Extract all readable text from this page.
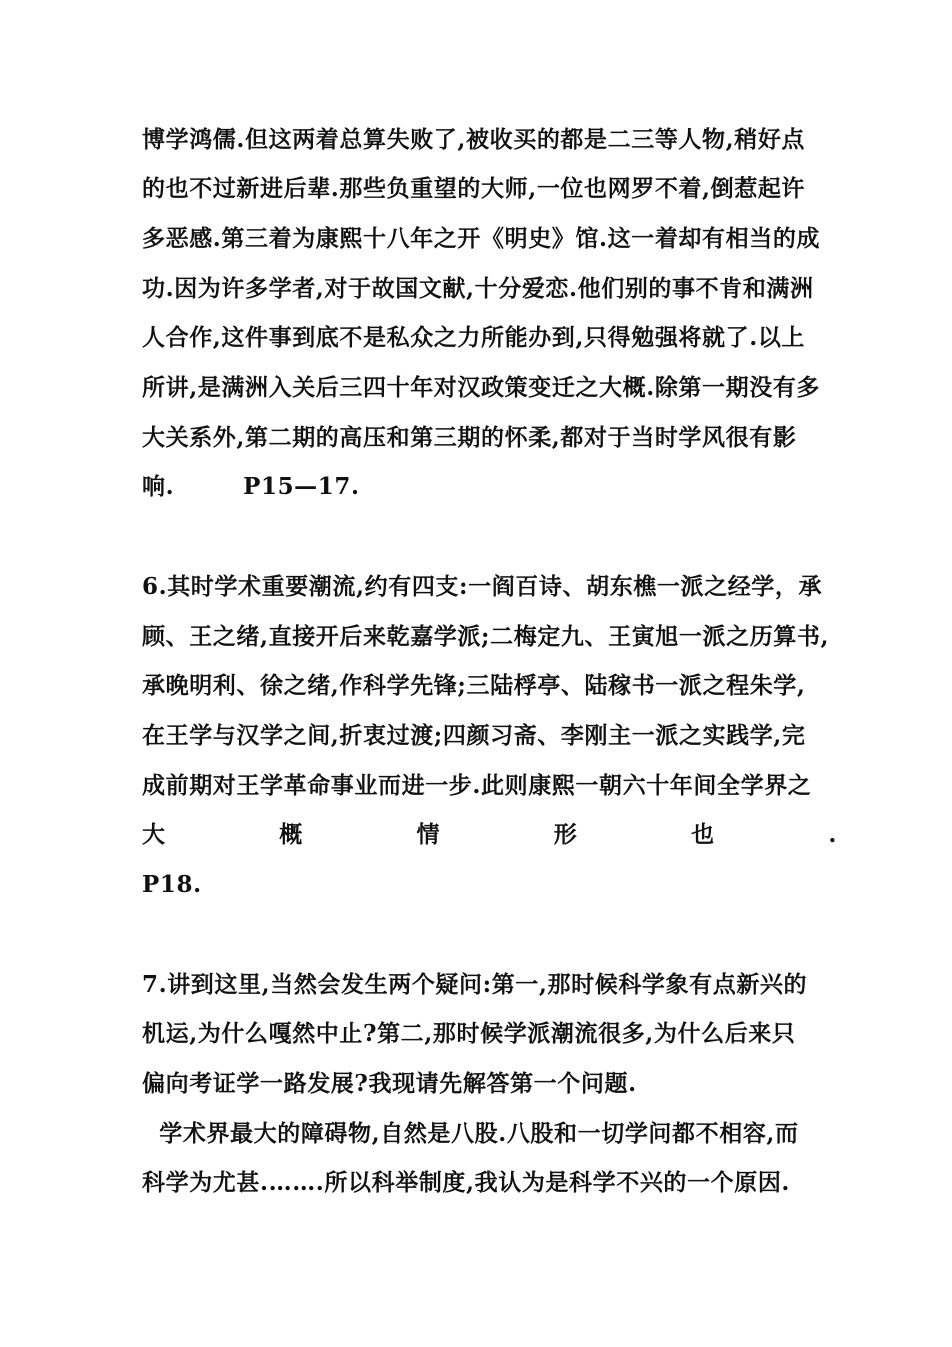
博学鸿儒.但这两着总算失败了,被收买的都是二三等人物,稍好点
的也不过新进后辈.那些负重望的大师,一位也网罗不着,倒惹起许
多恶感.第三着为康熙十八年之开《明史》馆.这一着却有相当的成
功.因为许多学者,对于故国文献,十分爱恋.他们别的事不肯和满洲
人合作,这件事到底不是私众之力所能办到,只得勉强将就了.以上
所讲,是满洲入关后三四十年对汉政策变迁之大概.除第一期没有多
大关系外,第二期的高压和第三期的怀柔,都对于当时学风很有影
响.        P15—17.
6.其时学术重要潮流,约有四支:一阎百诗、胡东樵一派之经学，承
顾、王之绪,直接开后来乾嘉学派;二梅定九、王寅旭一派之历算书,
承晚明利、徐之绪,作科学先锋;三陆桴亭、陆稼书一派之程朱学,
在王学与汉学之间,折衷过渡;四颜习斋、李刚主一派之实践学,完
成前期对王学革命事业而进一步.此则康熙一朝六十年间全学界之
大	概	情	形	也	.
P18.
7.讲到这里,当然会发生两个疑问:第一,那时候科学象有点新兴的
机运,为什么嘎然中止?第二,那时候学派潮流很多,为什么后来只
偏向考证学一路发展?我现请先解答第一个问题.
学术界最大的障碍物,自然是八股.八股和一切学问都不相容,而
科学为尤甚.…….所以科举制度,我认为是科学不兴的一个原因.
